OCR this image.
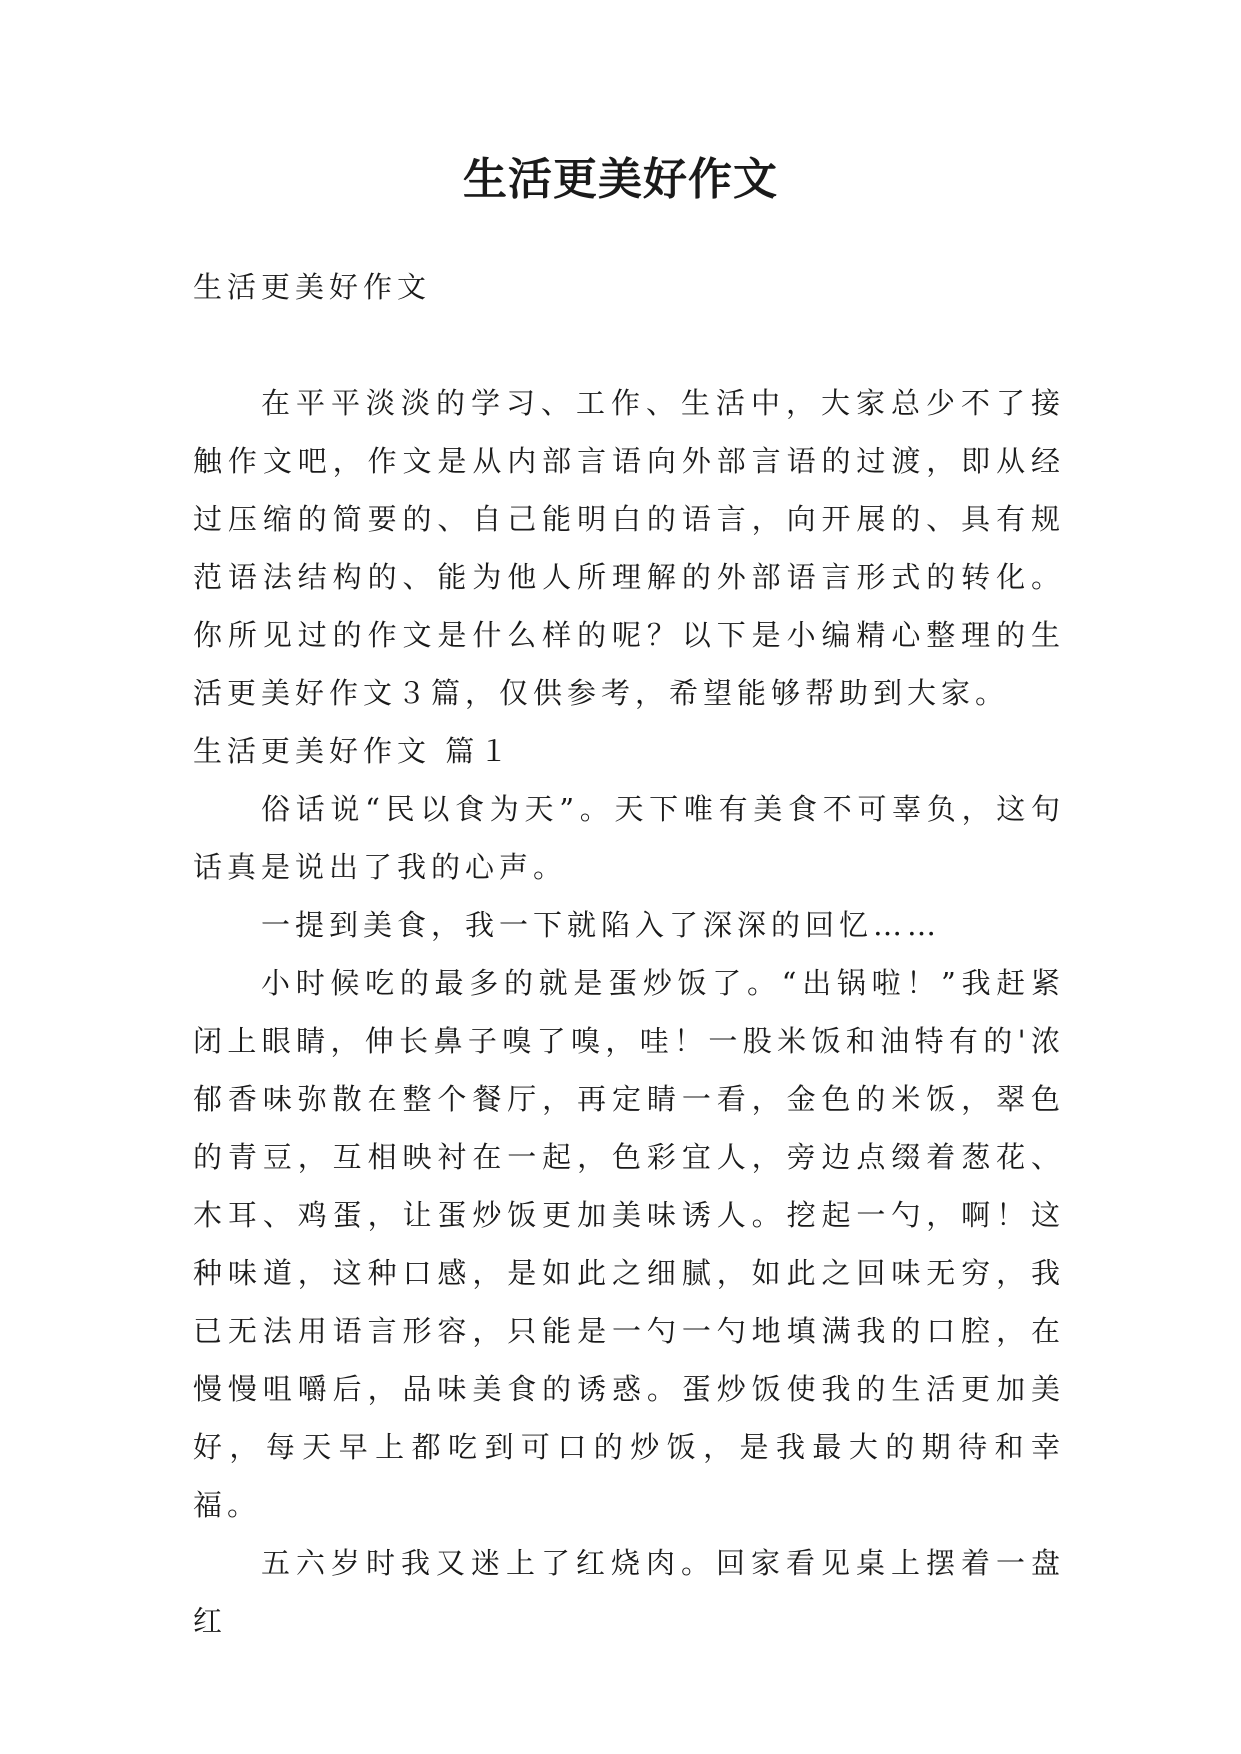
生活更美好作文

生活更美好作文

在平平淡淡的学习、工作、生活中，大家总少不了接触作文吧，作文是从内部言语向外部言语的过渡，即从经过压缩的简要的、自己能明白的语言，向开展的、具有规范语法结构的、能为他人所理解的外部语言形式的转化。你所见过的作文是什么样的呢？以下是小编精心整理的生活更美好作文３篇，仅供参考，希望能够帮助到大家。

生活更美好作文 篇１

俗话说“民以食为天”。天下唯有美食不可辜负，这句话真是说出了我的心声。

一提到美食，我一下就陷入了深深的回忆……

小时候吃的最多的就是蛋炒饭了。“出锅啦！”我赶紧闭上眼睛，伸长鼻子嗅了嗅，哇！一股米饭和油特有的'浓郁香味弥散在整个餐厅，再定睛一看，金色的米饭，翠色的青豆，互相映衬在一起，色彩宜人，旁边点缀着葱花、木耳、鸡蛋，让蛋炒饭更加美味诱人。挖起一勺，啊！这种味道，这种口感，是如此之细腻，如此之回味无穷，我已无法用语言形容，只能是一勺一勺地填满我的口腔，在慢慢咀嚼后，品味美食的诱惑。蛋炒饭使我的生活更加美好，每天早上都吃到可口的炒饭，是我最大的期待和幸福。

五六岁时我又迷上了红烧肉。回家看见桌上摆着一盘红
